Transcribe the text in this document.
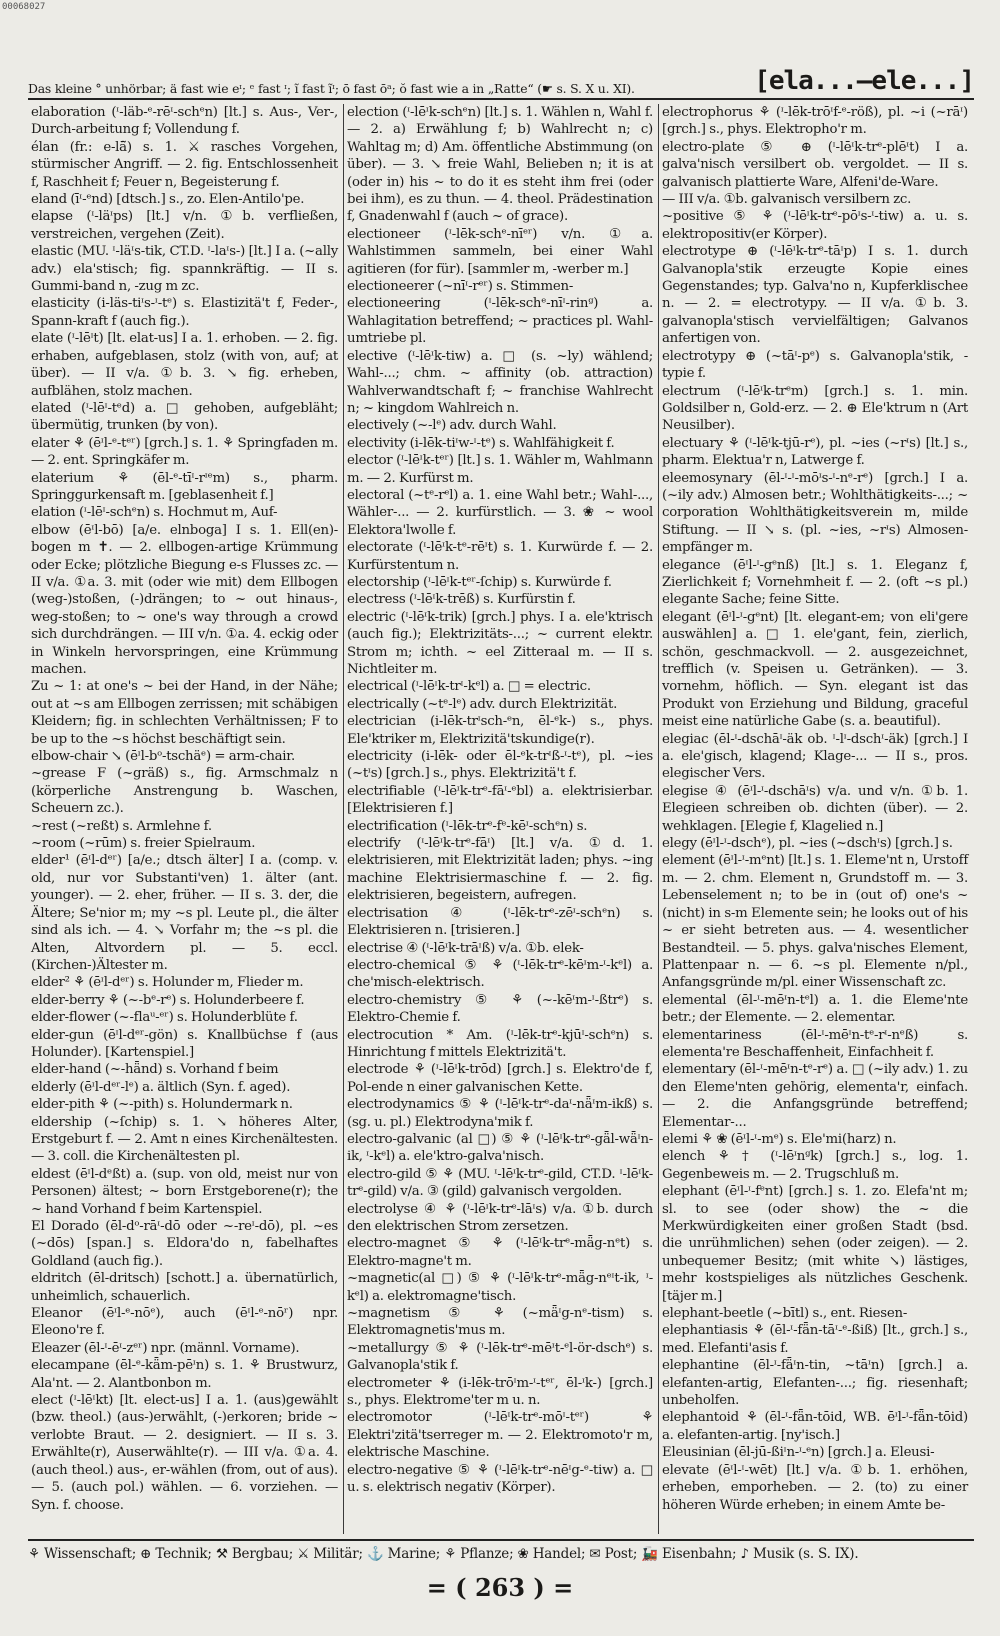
00068027
Das kleine ° unhörbar; ä fast wie eᶦ; ᵉ fast ᶦ; ĩ fast ĩᶦ; ō fast ōᵃ; ŏ fast wie a in „Ratte“ (☛ s. S. X u. XI).	[ela...—ele...]

elaboration (ᶦ-läb-ᵉ-rēᶦ-schᵉn) [lt.] s. Aus-, Ver-, Durch-arbeitung f; Vollendung f.

élan (fr.: e-lā̃) s. 1. ⚔ rasches Vorgehen, stürmischer Angriff. — 2. fig. Entschlossenheit f, Raschheit f; Feuer n, Begeisterung f.

eland (īᶦ-ᵉnd) [dtsch.] s., zo. Elen-Antilo'pe.

elapse (ᶦ-läᶦps) [lt.] v/n. ①b. verfließen, verstreichen, vergehen (Zeit).

elastic (MU. ᶦ-läᶦs-tik, CT.D. ᶦ-laᶦs-) [lt.] I a. (~ally adv.) ela'stisch; fig. spannkräftig. — II s. Gummi-band n, -zug m zc.

elasticity (i-läs-tiᶦs-ᶦ-tᵉ) s. Elastizitä't f, Feder-, Spann-kraft f (auch fig.).

elate (ᶦ-lēᶦt) [lt. elat-us] I a. 1. erhoben. — 2. fig. erhaben, aufgeblasen, stolz (with von, auf; at über). — II v/a. ①b. 3. ↘ fig. erheben, aufblähen, stolz machen.

elated (ᶦ-lēᶦ-tᵉd) a. □ gehoben, aufgebläht; übermütig, trunken (by von).

elater ⚘ (ēᶦl-ᵉ-tᵉʳ) [grch.] s. 1. ⚘ Springfaden m. — 2. ent. Springkäfer m.

elaterium ⚘ (ēl-ᵉ-tīᶦ-rᶦᵉm) s., pharm. Springgurkensaft m. [geblasenheit f.]

elation (ᶦ-lēᶦ-schᵉn) s. Hochmut m, Auf-

elbow (ēᶦl-bō) [a/e. elnboga] I s. 1. Ell(en)-bogen m ✝. — 2. ellbogen-artige Krümmung oder Ecke; plötzliche Biegung e-s Flusses zc. — II v/a. ①a. 3. mit (oder wie mit) dem Ellbogen (weg-)stoßen, (-)drängen; to ~ out hinaus-, weg-stoßen; to ~ one's way through a crowd sich durchdrängen. — III v/n. ①a. 4. eckig oder in Winkeln hervorspringen, eine Krümmung machen.

Zu ~ 1: at one's ~ bei der Hand, in der Nähe; out at ~s am Ellbogen zerrissen; mit schäbigen Kleidern; fig. in schlechten Verhältnissen; F to be up to the ~s höchst beschäftigt sein.

elbow-chair ↘ (ēᶦl-bᵒ-tschäᵉ) = arm-chair.

~grease F (~gräß) s., fig. Armschmalz n (körperliche Anstrengung b. Waschen, Scheuern zc.).

~rest (~reßt) s. Armlehne f.

~room (~rūm) s. freier Spielraum.

elder¹ (ēᶦl-dᵉʳ) [a/e.; dtsch älter] I a. (comp. v. old, nur vor Substanti'ven) 1. älter (ant. younger). — 2. eher, früher. — II s. 3. der, die Ältere; Se'nior m; my ~s pl. Leute pl., die älter sind als ich. — 4. ↘ Vorfahr m; the ~s pl. die Alten, Altvordern pl. — 5. eccl. (Kirchen-)Ältester m.

elder² ⚘ (ēᶦl-dᵉʳ) s. Holunder m, Flieder m.

elder-berry ⚘ (~-bᵉ-rᵉ) s. Holunderbeere f.

elder-flower (~-flaᵘ-ᵉʳ) s. Holunderblüte f.

elder-gun (ēᶦl-dᵉʳ-gön) s. Knallbüchse f (aus Holunder). [Kartenspiel.]

elder-hand (~-hǟnd) s. Vorhand f beim

elderly (ēᶦl-dᵉʳ-lᵉ) a. ältlich (Syn. f. aged).

elder-pith ⚘ (~-pith) s. Holundermark n.

eldership (~ſchip) s. 1. ↘ höheres Alter, Erstgeburt f. — 2. Amt n eines Kirchenältesten. — 3. coll. die Kirchenältesten pl.

eldest (ēᶦl-dᵉßt) a. (sup. von old, meist nur von Personen) ältest; ~ born Erstgeborene(r); the ~ hand Vorhand f beim Kartenspiel.

El Dorado (ēl-dᵒ-rāᶦ-dō oder ~-reᶦ-dō), pl. ~es (~dōs) [span.] s. Eldora'do n, fabelhaftes Goldland (auch fig.).

eldritch (ēl-dritsch) [schott.] a. übernatürlich, unheimlich, schauerlich.

Eleanor (ēᶦl-ᵉ-nōᵉ), auch (ēᶦl-ᵉ-nōʳ) npr. Eleono're f.

Eleazer (ēl-ᶦ-ēᶦ-zᵉʳ) npr. (männl. Vorname).

elecampane (ēl-ᵉ-kǟm-pēᶦn) s. 1. ⚘ Brustwurz, Ala'nt. — 2. Alantbonbon m.

elect (ᶦ-lēᶦkt) [lt. elect-us] I a. 1. (aus)gewählt (bzw. theol.) (aus-)erwählt, (-)erkoren; bride ~ verlobte Braut. — 2. designiert. — II s. 3. Erwählte(r), Auserwählte(r). — III v/a. ①a. 4. (auch theol.) aus-, er-wählen (from, out of aus). — 5. (auch pol.) wählen. — 6. vorziehen. — Syn. f. choose.

election (ᶦ-lēᶦk-schᵉn) [lt.] s. 1. Wählen n, Wahl f. — 2. a) Erwählung f; b) Wahlrecht n; c) Wahltag m; d) Am. öffentliche Abstimmung (on über). — 3. ↘ freie Wahl, Belieben n; it is at (oder in) his ~ to do it es steht ihm frei (oder bei ihm), es zu thun. — 4. theol. Prädestination f, Gnadenwahl f (auch ~ of grace).

electioneer (ᶦ-lēk-schᵉ-nīᵉʳ) v/n. ①a. Wahlstimmen sammeln, bei einer Wahl agitieren (for für). [sammler m, -werber m.]

electioneerer (~nīᶦ-rᵉʳ) s. Stimmen-

electioneering (ᶦ-lēk-schᵉ-nīᶦ-rinᵍ) a. Wahlagitation betreffend; ~ practices pl. Wahl-umtriebe pl.

elective (ᶦ-lēᶦk-tiw) a. □ (s. ~ly) wählend; Wahl-...; chm. ~ affinity (ob. attraction) Wahlverwandtschaft f; ~ franchise Wahlrecht n; ~ kingdom Wahlreich n.

electively (~-lᵉ) adv. durch Wahl.

electivity (i-lēk-tiᶦw-ᶦ-tᵉ) s. Wahlfähigkeit f.

elector (ᶦ-lēᶦk-tᵉʳ) [lt.] s. 1. Wähler m, Wahlmann m. — 2. Kurfürst m.

electoral (~tᵉ-rᵉl) a. 1. eine Wahl betr.; Wahl-..., Wähler-... — 2. kurfürstlich. — 3. ❀ ~ wool Elektora'lwolle f.

electorate (ᶦ-lēᶦk-tᵉ-rēᶦt) s. 1. Kurwürde f. — 2. Kurfürstentum n.

electorship (ᶦ-lēᶦk-tᵉʳ-ſchip) s. Kurwürde f.

electress (ᶦ-lēᶦk-trēß) s. Kurfürstin f.

electric (ᶦ-lēᶦk-trik) [grch.] phys. I a. ele'ktrisch (auch fig.); Elektrizitäts-...; ~ current elektr. Strom m; ichth. ~ eel Zitteraal m. — II s. Nichtleiter m.

electrical (ᶦ-lēᶦk-trᶦ-kᵉl) a. □ = electric.

electrically (~tᵉ-lᵉ) adv. durch Elektrizität.

electrician (i-lēk-trᶦsch-ᵉn, ēl-ᵉk-) s., phys. Ele'ktriker m, Elektrizitä'tskundige(r).

electricity (i-lēk- oder ēl-ᵉk-trᶦß-ᶦ-tᵉ), pl. ~ies (~tᶦs) [grch.] s., phys. Elektrizitä't f.

electrifiable (ᶦ-lēᶦk-trᵉ-fāᶦ-ᵉbl) a. elektrisierbar. [Elektrisieren f.]

electrification (ᶦ-lēk-trᵉ-fᵉ-kēᶦ-schᵉn) s.

electrify (ᶦ-lēᶦk-trᵉ-fāᶦ) [lt.] v/a. ①d. 1. elektrisieren, mit Elektrizität laden; phys. ~ing machine Elektrisiermaschine f. — 2. fig. elektrisieren, begeistern, aufregen.

electrisation ④ (ᶦ-lēk-trᵉ-zēᶦ-schᵉn) s. Elektrisieren n. [trisieren.]

electrise ④ (ᶦ-lēᶦk-trāᶦß) v/a. ①b. elek-

electro-chemical ⑤ ⚘ (ᶦ-lēk-trᵉ-kēᶦm-ᶦ-kᵉl) a. che'misch-elektrisch.

electro-chemistry ⑤ ⚘ (~-kēᶦm-ᶦ-ßtrᵉ) s. Elektro-Chemie f.

electrocution * Am. (ᶦ-lēk-trᵉ-kjūᶦ-schᵉn) s. Hinrichtung f mittels Elektrizitä't.

electrode ⚘ (ᶦ-lēᶦk-trōd) [grch.] s. Elektro'de f, Pol-ende n einer galvanischen Kette.

electrodynamics ⑤ ⚘ (ᶦ-lēᶦk-trᵉ-daᶦ-nǟᶦm-ikß) s. (sg. u. pl.) Elektrodyna'mik f.

electro-galvanic (al □) ⑤ ⚘ (ᶦ-lēᶦk-trᵉ-gǟl-wǟᶦn-ik, ᶦ-kᵉl) a. ele'ktro-galva'nisch.

electro-gild ⑤ ⚘ (MU. ᶦ-lēᶦk-trᵉ-gild, CT.D. ᶦ-lēᶦk-trᵉ-gild) v/a. ③ (gild) galvanisch vergolden.

electrolyse ④ ⚘ (ᶦ-lēᶦk-trᵉ-lāᶦs) v/a. ①b. durch den elektrischen Strom zersetzen.

electro-magnet ⑤ ⚘ (ᶦ-lēᶦk-trᵉ-mǟg-nᵉt) s. Elektro-magne't m.

~magnetic(al □) ⑤ ⚘ (ᶦ-lēᶦk-trᵉ-mǟg-nᵉᶦt-ik, ᶦ-kᵉl) a. elektromagne'tisch.

~magnetism ⑤ ⚘ (~mǟᶦg-nᵉ-tism) s. Elektromagnetis'mus m.

~metallurgy ⑤ ⚘ (ᶦ-lēk-trᵉ-mēᶦt-ᵉl-ör-dschᵉ) s. Galvanopla'stik f.

electrometer ⚘ (i-lēk-trōᶦm-ᶦ-tᵉʳ, ēl-ᶦk-) [grch.] s., phys. Elektrome'ter m u. n.

electromotor (ᶦ-lēᶦk-trᵉ-mōᶦ-tᵉʳ) ⚘ Elektri'zitä'tserreger m. — 2. Elektromoto'r m, elektrische Maschine.

electro-negative ⑤ ⚘ (ᶦ-lēᶦk-trᵉ-nēᶦg-ᵉ-tiw) a. □ u. s. elektrisch negativ (Körper).

electrophorus ⚘ (ᶦ-lēk-trōᶦf-ᵉ-röß), pl. ~i (~rāᶦ) [grch.] s., phys. Elektropho'r m.

electro-plate ⑤ ⊕ (ᶦ-lēᶦk-trᵉ-plēᶦt) I a. galva'nisch versilbert ob. vergoldet. — II s. galvanisch plattierte Ware, Alfeni'de-Ware.

— III v/a. ①b. galvanisch versilbern zc.

~positive ⑤ ⚘ (ᶦ-lēᶦk-trᵉ-pōᶦs-ᶦ-tiw) a. u. s. elektropositiv(er Körper).

electrotype ⊕ (ᶦ-lēᶦk-trᵉ-tāᶦp) I s. 1. durch Galvanopla'stik erzeugte Kopie eines Gegenstandes; typ. Galva'no n, Kupferklischee n. — 2. = electrotypy. — II v/a. ①b. 3. galvanopla'stisch vervielfältigen; Galvanos anfertigen von.

electrotypy ⊕ (~tāᶦ-pᵉ) s. Galvanopla'stik, -typie f.

electrum (ᶦ-lēᶦk-trᵉm) [grch.] s. 1. min. Goldsilber n, Gold-erz. — 2. ⊕ Ele'ktrum n (Art Neusilber).

electuary ⚘ (ᶦ-lēᶦk-tjū-rᵉ), pl. ~ies (~rᶦs) [lt.] s., pharm. Elektua'r n, Latwerge f.

eleemosynary (ēl-ᶦ-ᶦ-mōᶦs-ᶦ-nᵉ-rᵉ) [grch.] I a. (~ily adv.) Almosen betr.; Wohlthätigkeits-...; ~ corporation Wohlthätigkeitsverein m, milde Stiftung. — II ↘ s. (pl. ~ies, ~rᶦs) Almosen-empfänger m.

elegance (ēᶦl-ᶦ-gᵉnß) [lt.] s. 1. Eleganz f, Zierlichkeit f; Vornehmheit f. — 2. (oft ~s pl.) elegante Sache; feine Sitte.

elegant (ēᶦl-ᶦ-gᵉnt) [lt. elegant-em; von eli'gere auswählen] a. □ 1. ele'gant, fein, zierlich, schön, geschmackvoll. — 2. ausgezeichnet, trefflich (v. Speisen u. Getränken). — 3. vornehm, höflich. — Syn. elegant ist das Produkt von Erziehung und Bildung, graceful meist eine natürliche Gabe (s. a. beautiful).

elegiac (ēl-ᶦ-dschāᶦ-äk ob. ᶦ-lᶦ-dschᶦ-äk) [grch.] I a. ele'gisch, klagend; Klage-... — II s., pros. elegischer Vers.

elegise ④ (ēᶦl-ᶦ-dschāᶦs) v/a. und v/n. ①b. 1. Elegieen schreiben ob. dichten (über). — 2. wehklagen. [Elegie f, Klagelied n.]

elegy (ēᶦl-ᶦ-dschᵉ), pl. ~ies (~dschᶦs) [grch.] s.

element (ēᶦl-ᶦ-mᵉnt) [lt.] s. 1. Eleme'nt n, Urstoff m. — 2. chm. Element n, Grundstoff m. — 3. Lebenselement n; to be in (out of) one's ~ (nicht) in s-m Elemente sein; he looks out of his ~ er sieht betreten aus. — 4. wesentlicher Bestandteil. — 5. phys. galva'nisches Element, Plattenpaar n. — 6. ~s pl. Elemente n/pl., Anfangsgründe m/pl. einer Wissenschaft zc.

elemental (ēl-ᶦ-mēᶦn-tᵉl) a. 1. die Eleme'nte betr.; der Elemente. — 2. elementar.

elementariness (ēl-ᶦ-mēᶦn-tᵉ-rᶦ-nᵉß) s. elementa're Beschaffenheit, Einfachheit f.

elementary (ēl-ᶦ-mēᶦn-tᵉ-rᵉ) a. □ (~ily adv.) 1. zu den Eleme'nten gehörig, elementa'r, einfach. — 2. die Anfangsgründe betreffend; Elementar-...

elemi ⚘ ❀ (ēᶦl-ᶦ-mᵉ) s. Ele'mi(harz) n.

elench ⚘ † (ᶦ-lēᶦnᵍk) [grch.] s., log. 1. Gegenbeweis m. — 2. Trugschluß m.

elephant (ēᶦl-ᶦ-fᵉnt) [grch.] s. 1. zo. Elefa'nt m; sl. to see (oder show) the ~ die Merkwürdigkeiten einer großen Stadt (bsd. die unrühmlichen) sehen (oder zeigen). — 2. unbequemer Besitz; (mit white ↘) lästiges, mehr kostspieliges als nützliches Geschenk. [täjer m.]

elephant-beetle (~bītl) s., ent. Riesen-

elephantiasis ⚘ (ēl-ᶦ-fǟn-tāᶦ-ᵉ-ßiß) [lt., grch.] s., med. Elefanti'asis f.

elephantine (ēl-ᶦ-fǟᶦn-tin, ~tāᶦn) [grch.] a. elefanten-artig, Elefanten-...; fig. riesenhaft; unbeholfen.

elephantoid ⚘ (ēl-ᶦ-fǟn-tōid, WB. ēᶦl-ᶦ-fǟn-tōid) a. elefanten-artig. [ny'isch.]

Eleusinian (ēl-jū-ßiᶦn-ᶦ-ᵉn) [grch.] a. Eleusi-

elevate (ēᶦl-ᶦ-wēt) [lt.] v/a. ①b. 1. erhöhen, erheben, emporheben. — 2. (to) zu einer höheren Würde erheben; in einem Amte be-

⚘ Wissenschaft; ⊕ Technik; ⚒ Bergbau; ⚔ Militär; ⚓ Marine; ⚘ Pflanze; ❀ Handel; ✉ Post; 🚂 Eisenbahn; ♪ Musik (s. S. IX).
= ( 263 ) =
